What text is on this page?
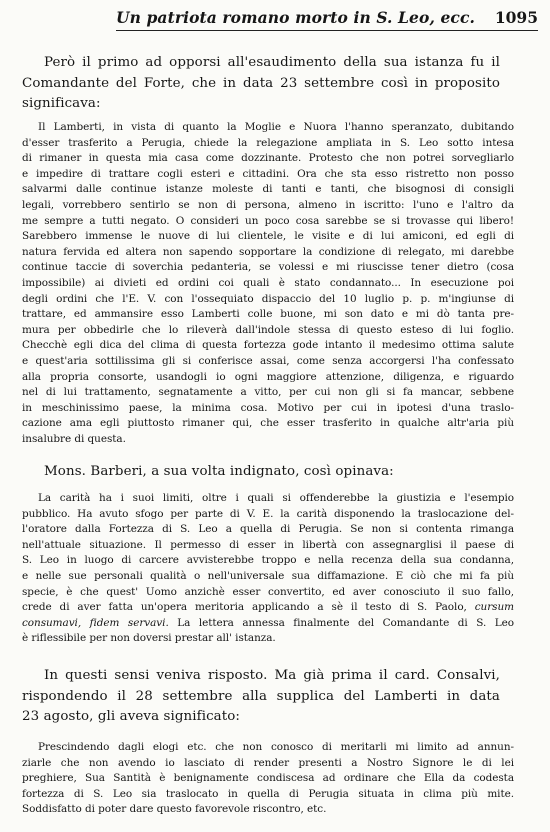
Un patriota romano morto in S. Leo, ecc. 1095
Però il primo ad opporsi all'esaudimento della sua istanza fu il
Comandante del Forte, che in data 23 settembre così in proposito
significava:
Il Lamberti, in vista di quanto la Moglie e Nuora l'hanno speranzato, dubitando
d'esser trasferito a Perugia, chiede la relegazione ampliata in S. Leo sotto intesa
di rimaner in questa mia casa come dozzinante. Protesto che non potrei sorvegliarlo
e impedire di trattare cogli esteri e cittadini. Ora che sta esso ristretto non posso
salvarmi dalle continue istanze moleste di tanti e tanti, che bisognosi di consigli
legali, vorrebbero sentirlo se non di persona, almeno in iscritto: l'uno e l'altro da
me sempre a tutti negato. O consideri un poco cosa sarebbe se si trovasse qui libero!
Sarebbero immense le nuove di lui clientele, le visite e di lui amiconi, ed egli di
natura fervida ed altera non sapendo sopportare la condizione di relegato, mi darebbe
continue taccie di soverchia pedanteria, se volessi e mi riuscisse tener dietro (cosa
impossibile) ai divieti ed ordini coi quali è stato condannato... In esecuzione poi
degli ordini che l'E. V. con l'ossequiato dispaccio del 10 luglio p. p. m'ingiunse di
trattare, ed ammansire esso Lamberti colle buone, mi son dato e mi dò tanta pre-
mura per obbedirle che lo rileverà dall'indole stessa di questo esteso di lui foglio.
Checchè egli dica del clima di questa fortezza gode intanto il medesimo ottima salute
e quest'aria sottilissima gli si conferisce assai, come senza accorgersi l'ha confessato
alla propria consorte, usandogli io ogni maggiore attenzione, diligenza, e riguardo
nel di lui trattamento, segnatamente a vitto, per cui non gli si fa mancar, sebbene
in meschinissimo paese, la minima cosa. Motivo per cui in ipotesi d'una traslo-
cazione ama egli piuttosto rimaner qui, che esser trasferito in qualche altr'aria più
insalubre di questa.
Mons. Barberi, a sua volta indignato, così opinava:
La carità ha i suoi limiti, oltre i quali si offenderebbe la giustizia e l'esempio
pubblico. Ha avuto sfogo per parte di V. E. la carità disponendo la traslocazione del-
l'oratore dalla Fortezza di S. Leo a quella di Perugia. Se non si contenta rimanga
nell'attuale situazione. Il permesso di esser in libertà con assegnarglisi il paese di
S. Leo in luogo di carcere avvisterebbe troppo e nella recenza della sua condanna,
e nelle sue personali qualità o nell'universale sua diffamazione. E ciò che mi fa più
specie, è che quest' Uomo anzichè esser convertito, ed aver conosciuto il suo fallo,
crede di aver fatta un'opera meritoria applicando a sè il testo di S. Paolo, cursum
consumavi, fidem servavi. La lettera annessa finalmente del Comandante di S. Leo
è riflessibile per non doversi prestar all' istanza.
In questi sensi veniva risposto. Ma già prima il card. Consalvi,
rispondendo il 28 settembre alla supplica del Lamberti in data
23 agosto, gli aveva significato:
Prescindendo dagli elogi etc. che non conosco di meritarli mi limito ad annun-
ziarle che non avendo io lasciato di render presenti a Nostro Signore le di lei
preghiere, Sua Santità è benignamente condiscesa ad ordinare che Ella da codesta
fortezza di S. Leo sia traslocato in quella di Perugia situata in clima più mite.
Soddisfatto di poter dare questo favorevole riscontro, etc.
